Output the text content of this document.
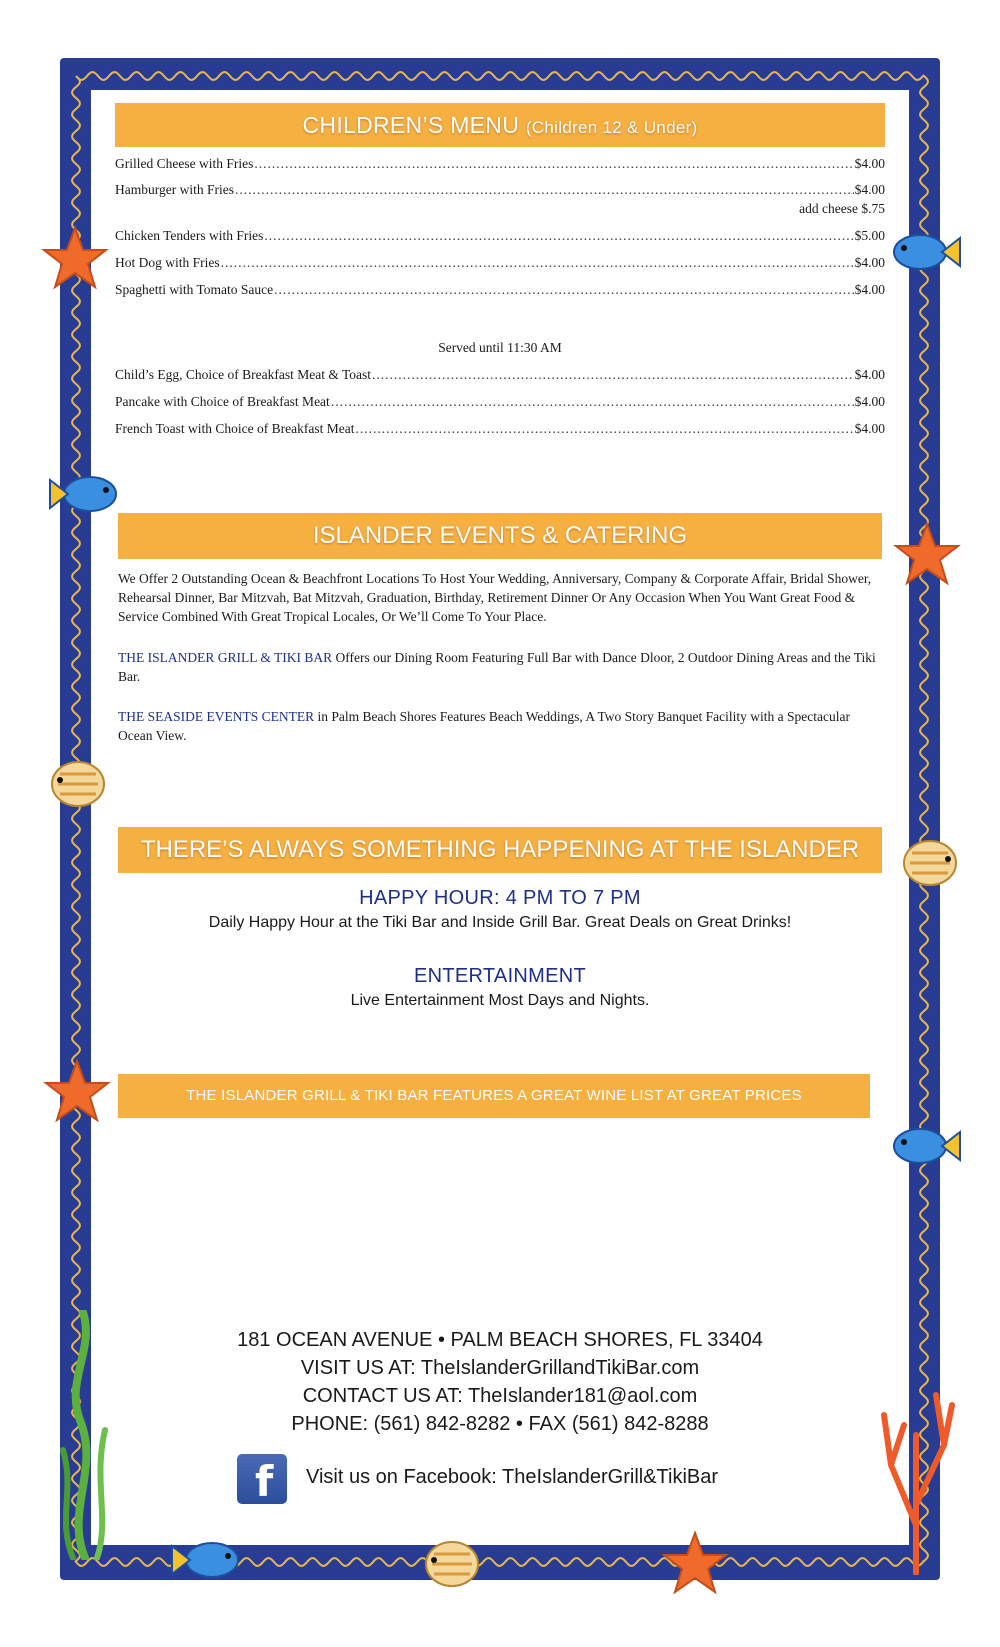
CHILDREN’S MENU (Children 12 & Under)
Grilled Cheese with Fries .....	$4.00
Hamburger with Fries .....	$4.00
add cheese $.75
Chicken Tenders with Fries .....	$5.00
Hot Dog with Fries .....	$4.00
Spaghetti with Tomato Sauce .....	$4.00
Served until 11:30 AM
Child’s Egg, Choice of Breakfast Meat & Toast .....	$4.00
Pancake with Choice of Breakfast Meat .....	$4.00
French Toast with Choice of Breakfast Meat .....	$4.00
ISLANDER EVENTS & CATERING
We Offer 2 Outstanding Ocean & Beachfront Locations To Host Your Wedding, Anniversary, Company & Corporate Affair, Bridal Shower, Rehearsal Dinner, Bar Mitzvah, Bat Mitzvah, Graduation, Birthday, Retirement Dinner Or Any Occasion When You Want Great Food & Service Combined With Great Tropical Locales, Or We’ll Come To Your Place.
THE ISLANDER GRILL & TIKI BAR Offers our Dining Room Featuring Full Bar with Dance Dloor, 2 Outdoor Dining Areas and the Tiki Bar.
THE SEASIDE EVENTS CENTER in Palm Beach Shores Features Beach Weddings, A Two Story Banquet Facility with a Spectacular Ocean View.
THERE’S ALWAYS SOMETHING HAPPENING AT THE ISLANDER
HAPPY HOUR: 4 PM TO 7 PM
Daily Happy Hour at the Tiki Bar and Inside Grill Bar. Great Deals on Great Drinks!
ENTERTAINMENT
Live Entertainment Most Days and Nights.
THE ISLANDER GRILL & TIKI BAR FEATURES A GREAT WINE LIST AT GREAT PRICES
181 OCEAN AVENUE • PALM BEACH SHORES, FL 33404
VISIT US AT: TheIslanderGrillandTikiBar.com
CONTACT US AT: TheIslander181@aol.com
PHONE: (561) 842-8282 • FAX (561) 842-8288
f Visit us on Facebook: TheIslanderGrill&TikiBar
